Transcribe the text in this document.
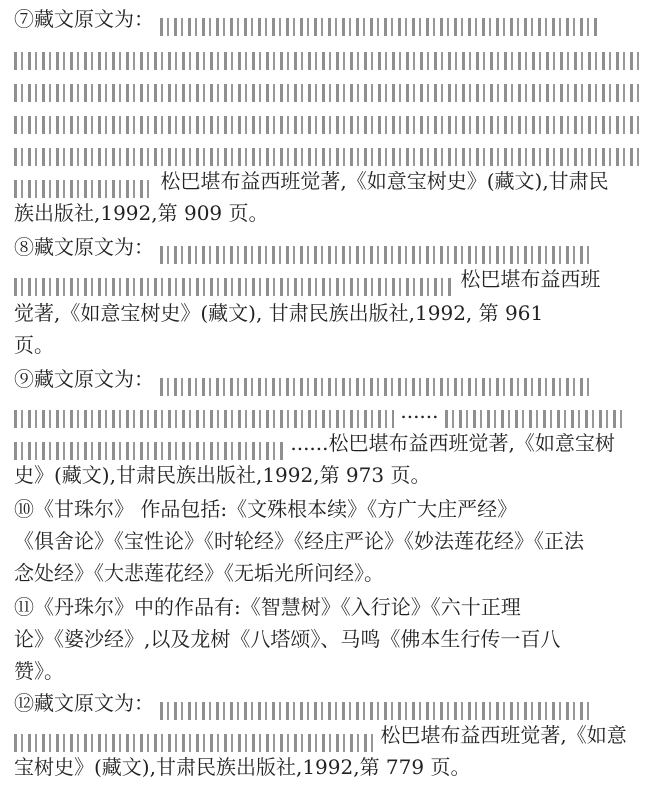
⑦藏文原文为：
松巴堪布益西班觉著,《如意宝树史》(藏文),甘肃民
族出版社,1992,第 909 页。
⑧藏文原文为：
松巴堪布益西班
觉著,《如意宝树史》(藏文), 甘肃民族出版社,1992, 第 961
页。
⑨藏文原文为：
......
......松巴堪布益西班觉著,《如意宝树
史》(藏文),甘肃民族出版社,1992,第 973 页。
⑩《甘珠尔》 作品包括:《文殊根本续》《方广大庄严经》
《俱舍论》《宝性论》《时轮经》《经庄严论》《妙法莲花经》《正法
念处经》《大悲莲花经》《无垢光所问经》。
⑪《丹珠尔》中的作品有:《智慧树》《入行论》《六十正理
论》《婆沙经》,以及龙树《八塔颂》、马鸣《佛本生行传一百八
赞》。
⑫藏文原文为：
松巴堪布益西班觉著,《如意
宝树史》(藏文),甘肃民族出版社,1992,第 779 页。
